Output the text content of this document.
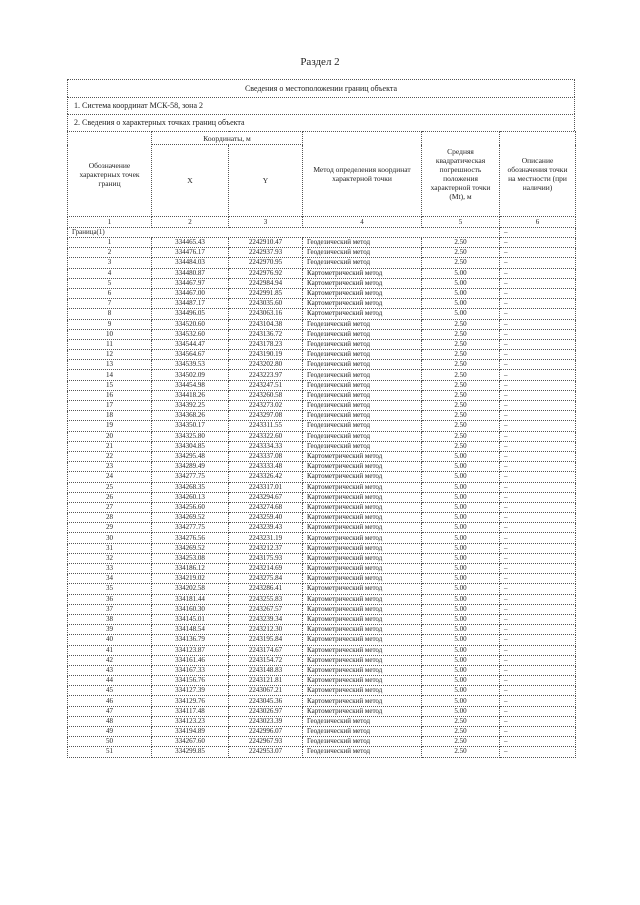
Раздел 2
Сведения о местоположении границ объекта
1. Система координат МСК-58, зона 2
2. Сведения о характерных точках границ объекта
Обозначение характерных точек границ	Координаты, м		Метод определения координат характерной точки	Средняя квадратическая погрешность положения характерной точки (Mt), м	Описание обозначения точки на местности (при наличии)
	X	Y			
1	2	3	4	5	6
Граница(1)					–
1	334465.43	2242910.47	Геодезический метод	2.50	–
2	334476.17	2242937.93	Геодезический метод	2.50	–
3	334484.03	2242970.95	Геодезический метод	2.50	–
4	334480.87	2242976.92	Картометрический метод	5.00	–
5	334467.97	2242984.94	Картометрический метод	5.00	–
6	334467.00	2242991.85	Картометрический метод	5.00	–
7	334487.17	2243035.60	Картометрический метод	5.00	–
8	334496.05	2243063.16	Картометрический метод	5.00	–
9	334520.60	2243104.38	Геодезический метод	2.50	–
10	334532.60	2243136.72	Геодезический метод	2.50	–
11	334544.47	2243178.23	Геодезический метод	2.50	–
12	334564.67	2243190.19	Геодезический метод	2.50	–
13	334539.53	2243202.80	Геодезический метод	2.50	–
14	334502.09	2243223.97	Геодезический метод	2.50	–
15	334454.98	2243247.51	Геодезический метод	2.50	–
16	334418.26	2243260.58	Геодезический метод	2.50	–
17	334392.25	2243273.02	Геодезический метод	2.50	–
18	334368.26	2243297.08	Геодезический метод	2.50	–
19	334350.17	2243311.55	Геодезический метод	2.50	–
20	334325.80	2243322.60	Геодезический метод	2.50	–
21	334304.85	2243334.33	Геодезический метод	2.50	–
22	334295.48	2243337.08	Картометрический метод	5.00	–
23	334289.49	2243333.48	Картометрический метод	5.00	–
24	334277.75	2243326.42	Картометрический метод	5.00	–
25	334268.35	2243317.01	Картометрический метод	5.00	–
26	334260.13	2243294.67	Картометрический метод	5.00	–
27	334256.60	2243274.68	Картометрический метод	5.00	–
28	334269.52	2243259.40	Картометрический метод	5.00	–
29	334277.75	2243239.43	Картометрический метод	5.00	–
30	334276.56	2243231.19	Картометрический метод	5.00	–
31	334269.52	2243212.37	Картометрический метод	5.00	–
32	334253.08	2243175.93	Картометрический метод	5.00	–
33	334186.12	2243214.69	Картометрический метод	5.00	–
34	334219.02	2243275.84	Картометрический метод	5.00	–
35	334202.58	2243286.41	Картометрический метод	5.00	–
36	334181.44	2243255.83	Картометрический метод	5.00	–
37	334160.30	2243267.57	Картометрический метод	5.00	–
38	334145.01	2243239.34	Картометрический метод	5.00	–
39	334148.54	2243212.30	Картометрический метод	5.00	–
40	334136.79	2243195.84	Картометрический метод	5.00	–
41	334123.87	2243174.67	Картометрический метод	5.00	–
42	334161.46	2243154.72	Картометрический метод	5.00	–
43	334167.33	2243148.83	Картометрический метод	5.00	–
44	334156.76	2243121.81	Картометрический метод	5.00	–
45	334127.39	2243067.21	Картометрический метод	5.00	–
46	334129.76	2243045.36	Картометрический метод	5.00	–
47	334117.48	2243026.97	Картометрический метод	5.00	–
48	334123.23	2243023.39	Геодезический метод	2.50	–
49	334194.89	2242996.07	Геодезический метод	2.50	–
50	334267.60	2242967.93	Геодезический метод	2.50	–
51	334299.85	2242953.07	Геодезический метод	2.50	–
